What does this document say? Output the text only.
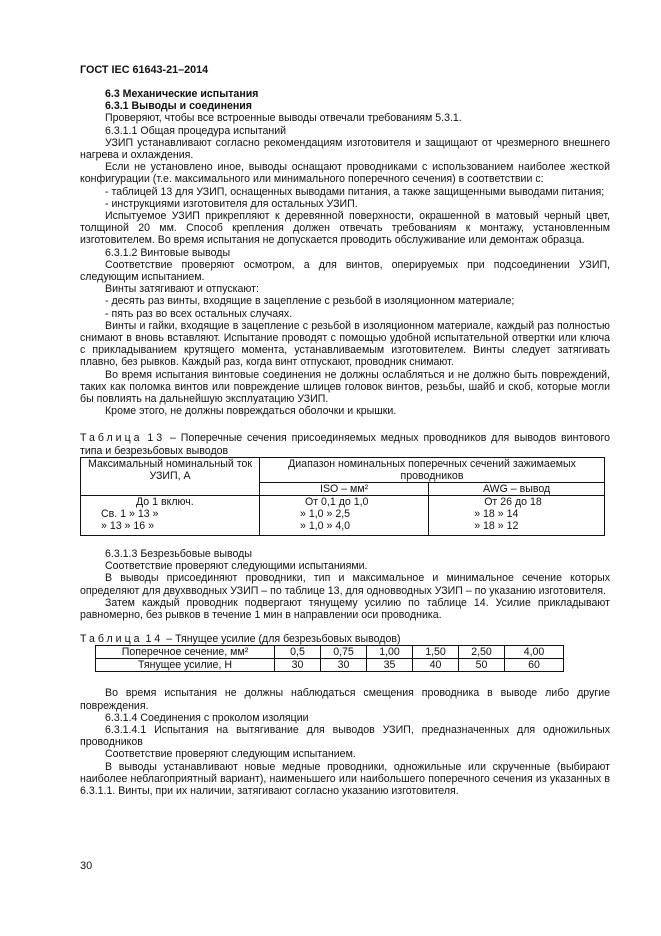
ГОСТ IEC 61643-21–2014

6.3 Механические испытания

6.3.1 Выводы и соединения

Проверяют, чтобы все встроенные выводы отвечали требованиям 5.3.1.

6.3.1.1 Общая процедура испытаний

УЗИП устанавливают согласно рекомендациям изготовителя и защищают от чрезмерного внешнего нагрева и охлаждения.

Если не установлено иное, выводы оснащают проводниками с использованием наиболее жесткой конфигурации (т.е. максимального или минимального поперечного сечения) в соответствии с:

- таблицей 13 для УЗИП, оснащенных выводами питания, а также защищенными выводами питания;

- инструкциями изготовителя для остальных УЗИП.

Испытуемое УЗИП прикрепляют к деревянной поверхности, окрашенной в матовый черный цвет, толщиной 20 мм. Способ крепления должен отвечать требованиям к монтажу, установленным изготовителем. Во время испытания не допускается проводить обслуживание или демонтаж образца.

6.3.1.2 Винтовые выводы

Соответствие проверяют осмотром, а для винтов, оперируемых при подсоединении УЗИП, следующим испытанием.

Винты затягивают и отпускают:

- десять раз винты, входящие в зацепление с резьбой в изоляционном материале;

- пять раз во всех остальных случаях.

Винты и гайки, входящие в зацепление с резьбой в изоляционном материале, каждый раз полностью снимают в вновь вставляют. Испытание проводят с помощью удобной испытательной отвертки или ключа с прикладыванием крутящего момента, устанавливаемым изготовителем. Винты следует затягивать плавно, без рывков. Каждый раз, когда винт отпускают, проводник снимают.

Во время испытания винтовые соединения не должны ослабляться и не должно быть повреждений, таких как поломка винтов или повреждение шлицев головок винтов, резьбы, шайб и скоб, которые могли бы повлиять на дальнейшую эксплуатацию УЗИП.

Кроме этого, не должны повреждаться оболочки и крышки.

Таблица 13 – Поперечные сечения присоединяемых медных проводников для выводов винтового типа и безрезьбовых выводов

Максимальный номинальный ток УЗИП, А	Диапазон номинальных поперечных сечений зажимаемых проводников	
	ISO – мм²	AWG – вывод
До 1 включ.	От 0,1 до 1,0	От 26 до 18
Св. 1 » 13 »	» 1,0 » 2,5	» 18 » 14
» 13 » 16 »	» 1,0 » 4,0	» 18 » 12

6.3.1.3 Безрезьбовые выводы

Соответствие проверяют следующими испытаниями.

В выводы присоединяют проводники, тип и максимальное и минимальное сечение которых определяют для двухвводных УЗИП – по таблице 13, для одновводных УЗИП – по указанию изготовителя.

Затем каждый проводник подвергают тянущему усилию по таблице 14. Усилие прикладывают равномерно, без рывков в течение 1 мин в направлении оси проводника.

Таблица 14 – Тянущее усилие (для безрезьбовых выводов)

Поперечное сечение, мм²	0,5	0,75	1,00	1,50	2,50	4,00
Тянущее усилие, Н	30	30	35	40	50	60

Во время испытания не должны наблюдаться смещения проводника в выводе либо другие повреждения.

6.3.1.4 Соединения с проколом изоляции

6.3.1.4.1 Испытания на вытягивание для выводов УЗИП, предназначенных для одножильных проводников

Соответствие проверяют следующим испытанием.

В выводы устанавливают новые медные проводники, одножильные или скрученные (выбирают наиболее неблагоприятный вариант), наименьшего или наибольшего поперечного сечения из указанных в 6.3.1.1. Винты, при их наличии, затягивают согласно указанию изготовителя.

30
